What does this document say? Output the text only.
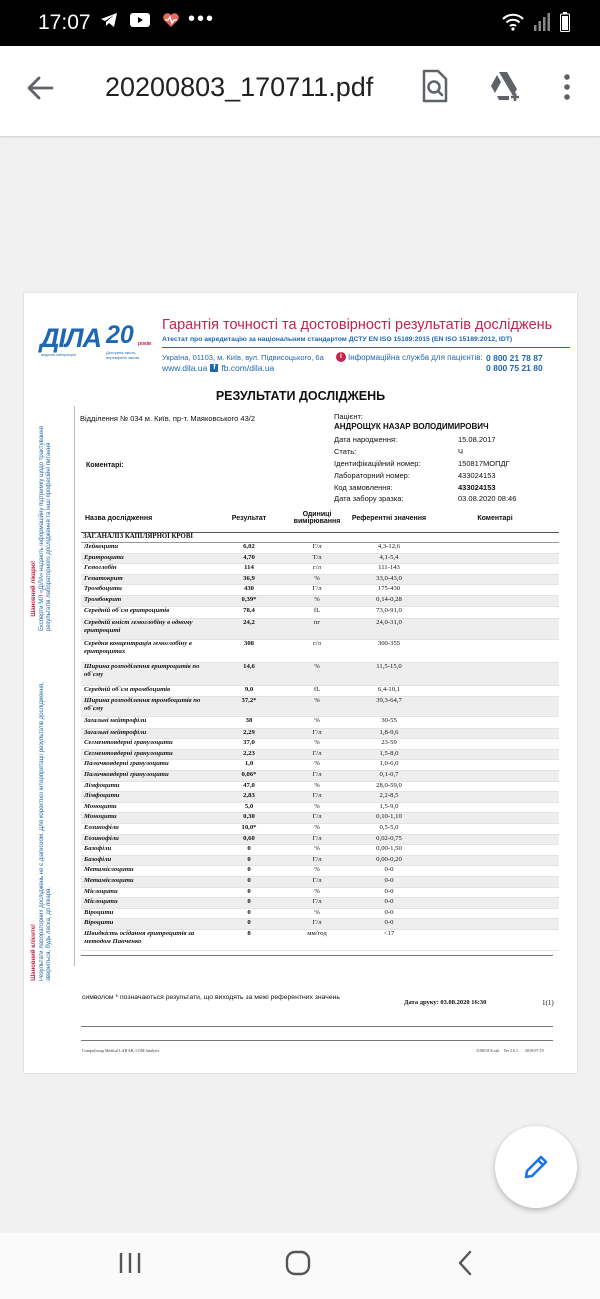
17:07	•••
20200803_170711.pdf
ДІЛА
медична лабораторія
20 років
Доступна якість, перевірена часом
Гарантія точності та достовірності результатів досліджень
Атестат про акредитацію за національним стандартом ДСТУ EN ISO 15189:2015 (EN ISO 15189:2012, IDT)
Україна, 01103, м. Київ, вул. Підвисоцького, 6а	i Інформаційна служба для пацієнтів: 0 800 21 78 87
0 800 75 21 80
www.dila.ua f fb.com/dila.ua
РЕЗУЛЬТАТИ ДОСЛІДЖЕНЬ
Відділення № 034 м. Київ, пр-т. Маяковського 43/2
Коментарі:
Пацієнт:
АНДРОЩУК НАЗАР ВОЛОДИМИРОВИЧ
Дата народження:	15.08.2017
Стать:	Ч
Ідентифікаційний номер:	150817МОПДГ
Лабораторний номер:	433024153
Код замовлення:	433024153
Дата забору зразка:	03.08.2020 08:46
Шановний клієнте! Результати лабораторних досліджень не є діагнозом. Для коректної інтерпретації результатів дослідження, зверніться, будь ласка, до лікаря.
Шановний лікарю! Експерти МЛ «ДІЛА» надають інформаційну підтримку щодо трактування результатів лабораторного дослідження та інші професійні питання	Назва дослідження	Результат	Одиниці вимірювання	Референтні значення	Коментарі
ЗАГ.АНАЛІЗ КАПІЛЯРНОЇ КРОВІ				
Лейкоцити	6,02	Г/л	4,3-12,6	
Еритроцити	4,70	Т/л	4,1-5,4	
Гемоглобін	114	г/л	111-143	
Гематокрит	36,9	%	33,0-43,0	
Тромбоцити	430	Г/л	175-430	
Тромбокрит	0,39*	%	0,14-0,28	
Середній об`єм еритроцитів	78,4	fL	73,0-91,0	
Середній вміст гемоглобіну в одному еритроциті	24,2	пг	24,0-31,0	
Середня концентрація гемоглобіну в еритроцитах	308	г/л	300-355	
Ширина розподілення еритроцитів по об`єму	14,6	%	11,5-15,0	
Середній об`єм тромбоцитів	9,0	fL	6,4-10,1	
Ширина розподілення тромбоцитів по об`єму	37,2*	%	39,3-64,7	
Загальні нейтрофіли	38	%	30-55	
Загальні нейтрофіли	2,29	Г/л	1,8-9,6	
Сегментоядерні гранулоцити	37,0	%	23-59	
Сегментоядерні гранулоцити	2,23	Г/л	1,5-8,0	
Паличкоядерні гранулоцити	1,0	%	1,0-6,0	
Паличкоядерні гранулоцити	0,06*	Г/л	0,1-0,7	
Лімфоцити	47,0	%	28,0-59,0	
Лімфоцити	2,83	Г/л	2,2-8,5	
Моноцити	5,0	%	1,5-9,0	
Моноцити	0,30	Г/л	0,10-1,10	
Еозинофіли	10,0*	%	0,5-5,0	
Еозинофіли	0,60	Г/л	0,02-0,75	
Базофіли	0	%	0,00-1,50	
Базофіли	0	Г/л	0,00-0,20	
Метамієлоцити	0	%	0-0	
Метамієлоцити	0	Г/л	0-0	
Мієлоцити	0	%	0-0	
Мієлоцити	0	Г/л	0-0	
Віроцити	0	%	0-0	
Віроцити	0	Г/л	0-0	
Швидкість осідання еритроцитів за методом Панченко	8	мм/год	<17	
символом * позначаються результати, що виходять за межі референтних значень
Дата друку: 03.08.2020 16:30	1(1)
CompuGroup Medical LAB AB, CGM Analytix	110815CS.xslt    Ver 2.0.1       2018-07-19
